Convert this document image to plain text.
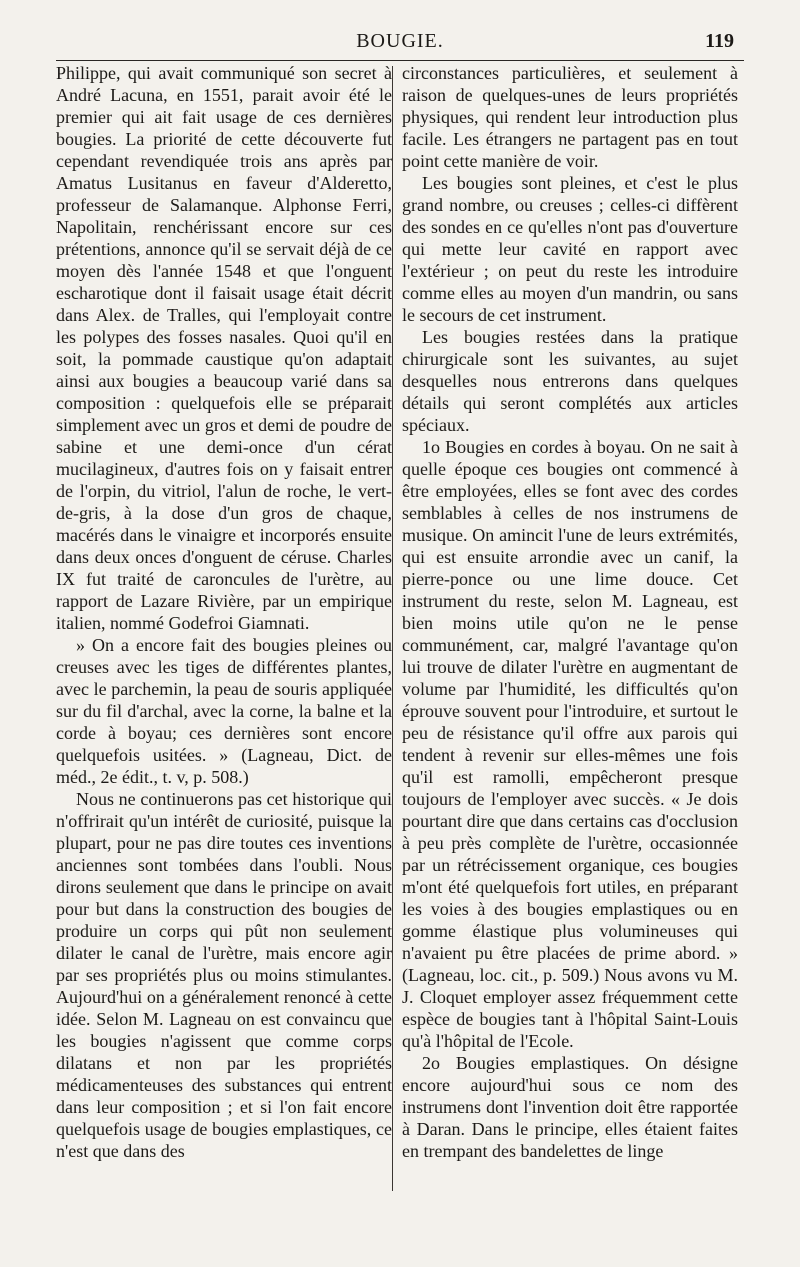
BOUGIE.	119

Philippe, qui avait communiqué son secret à André Lacuna, en 1551, parait avoir été le premier qui ait fait usage de ces dernières bougies. La priorité de cette découverte fut cependant revendiquée trois ans après par Amatus Lusitanus en faveur d'Alderetto, professeur de Salamanque. Alphonse Ferri, Napolitain, renchérissant encore sur ces prétentions, annonce qu'il se servait déjà de ce moyen dès l'année 1548 et que l'onguent escharotique dont il faisait usage était décrit dans Alex. de Tralles, qui l'employait contre les polypes des fosses nasales. Quoi qu'il en soit, la pommade caustique qu'on adaptait ainsi aux bougies a beaucoup varié dans sa composition : quelquefois elle se préparait simplement avec un gros et demi de poudre de sabine et une demi-once d'un cérat mucilagineux, d'autres fois on y faisait entrer de l'orpin, du vitriol, l'alun de roche, le vert-de-gris, à la dose d'un gros de chaque, macérés dans le vinaigre et incorporés ensuite dans deux onces d'onguent de céruse. Charles IX fut traité de caroncules de l'urètre, au rapport de Lazare Rivière, par un empirique italien, nommé Godefroi Giamnati.

» On a encore fait des bougies pleines ou creuses avec les tiges de différentes plantes, avec le parchemin, la peau de souris appliquée sur du fil d'archal, avec la corne, la balne et la corde à boyau; ces dernières sont encore quelquefois usitées. » (Lagneau, Dict. de méd., 2e édit., t. v, p. 508.)

Nous ne continuerons pas cet historique qui n'offrirait qu'un intérêt de curiosité, puisque la plupart, pour ne pas dire toutes ces inventions anciennes sont tombées dans l'oubli. Nous dirons seulement que dans le principe on avait pour but dans la construction des bougies de produire un corps qui pût non seulement dilater le canal de l'urètre, mais encore agir par ses propriétés plus ou moins stimulantes. Aujourd'hui on a généralement renoncé à cette idée. Selon M. Lagneau on est convaincu que les bougies n'agissent que comme corps dilatans et non par les propriétés médicamenteuses des substances qui entrent dans leur composition ; et si l'on fait encore quelquefois usage de bougies emplastiques, ce n'est que dans des

circonstances particulières, et seulement à raison de quelques-unes de leurs propriétés physiques, qui rendent leur introduction plus facile. Les étrangers ne partagent pas en tout point cette manière de voir.

Les bougies sont pleines, et c'est le plus grand nombre, ou creuses ; celles-ci diffèrent des sondes en ce qu'elles n'ont pas d'ouverture qui mette leur cavité en rapport avec l'extérieur ; on peut du reste les introduire comme elles au moyen d'un mandrin, ou sans le secours de cet instrument.

Les bougies restées dans la pratique chirurgicale sont les suivantes, au sujet desquelles nous entrerons dans quelques détails qui seront complétés aux articles spéciaux.

1o Bougies en cordes à boyau. On ne sait à quelle époque ces bougies ont commencé à être employées, elles se font avec des cordes semblables à celles de nos instrumens de musique. On amincit l'une de leurs extrémités, qui est ensuite arrondie avec un canif, la pierre-ponce ou une lime douce. Cet instrument du reste, selon M. Lagneau, est bien moins utile qu'on ne le pense communément, car, malgré l'avantage qu'on lui trouve de dilater l'urètre en augmentant de volume par l'humidité, les difficultés qu'on éprouve souvent pour l'introduire, et surtout le peu de résistance qu'il offre aux parois qui tendent à revenir sur elles-mêmes une fois qu'il est ramolli, empêcheront presque toujours de l'employer avec succès. « Je dois pourtant dire que dans certains cas d'occlusion à peu près complète de l'urètre, occasionnée par un rétrécissement organique, ces bougies m'ont été quelquefois fort utiles, en préparant les voies à des bougies emplastiques ou en gomme élastique plus volumineuses qui n'avaient pu être placées de prime abord. » (Lagneau, loc. cit., p. 509.) Nous avons vu M. J. Cloquet employer assez fréquemment cette espèce de bougies tant à l'hôpital Saint-Louis qu'à l'hôpital de l'Ecole.

2o Bougies emplastiques. On désigne encore aujourd'hui sous ce nom des instrumens dont l'invention doit être rapportée à Daran. Dans le principe, elles étaient faites en trempant des bandelettes de linge
